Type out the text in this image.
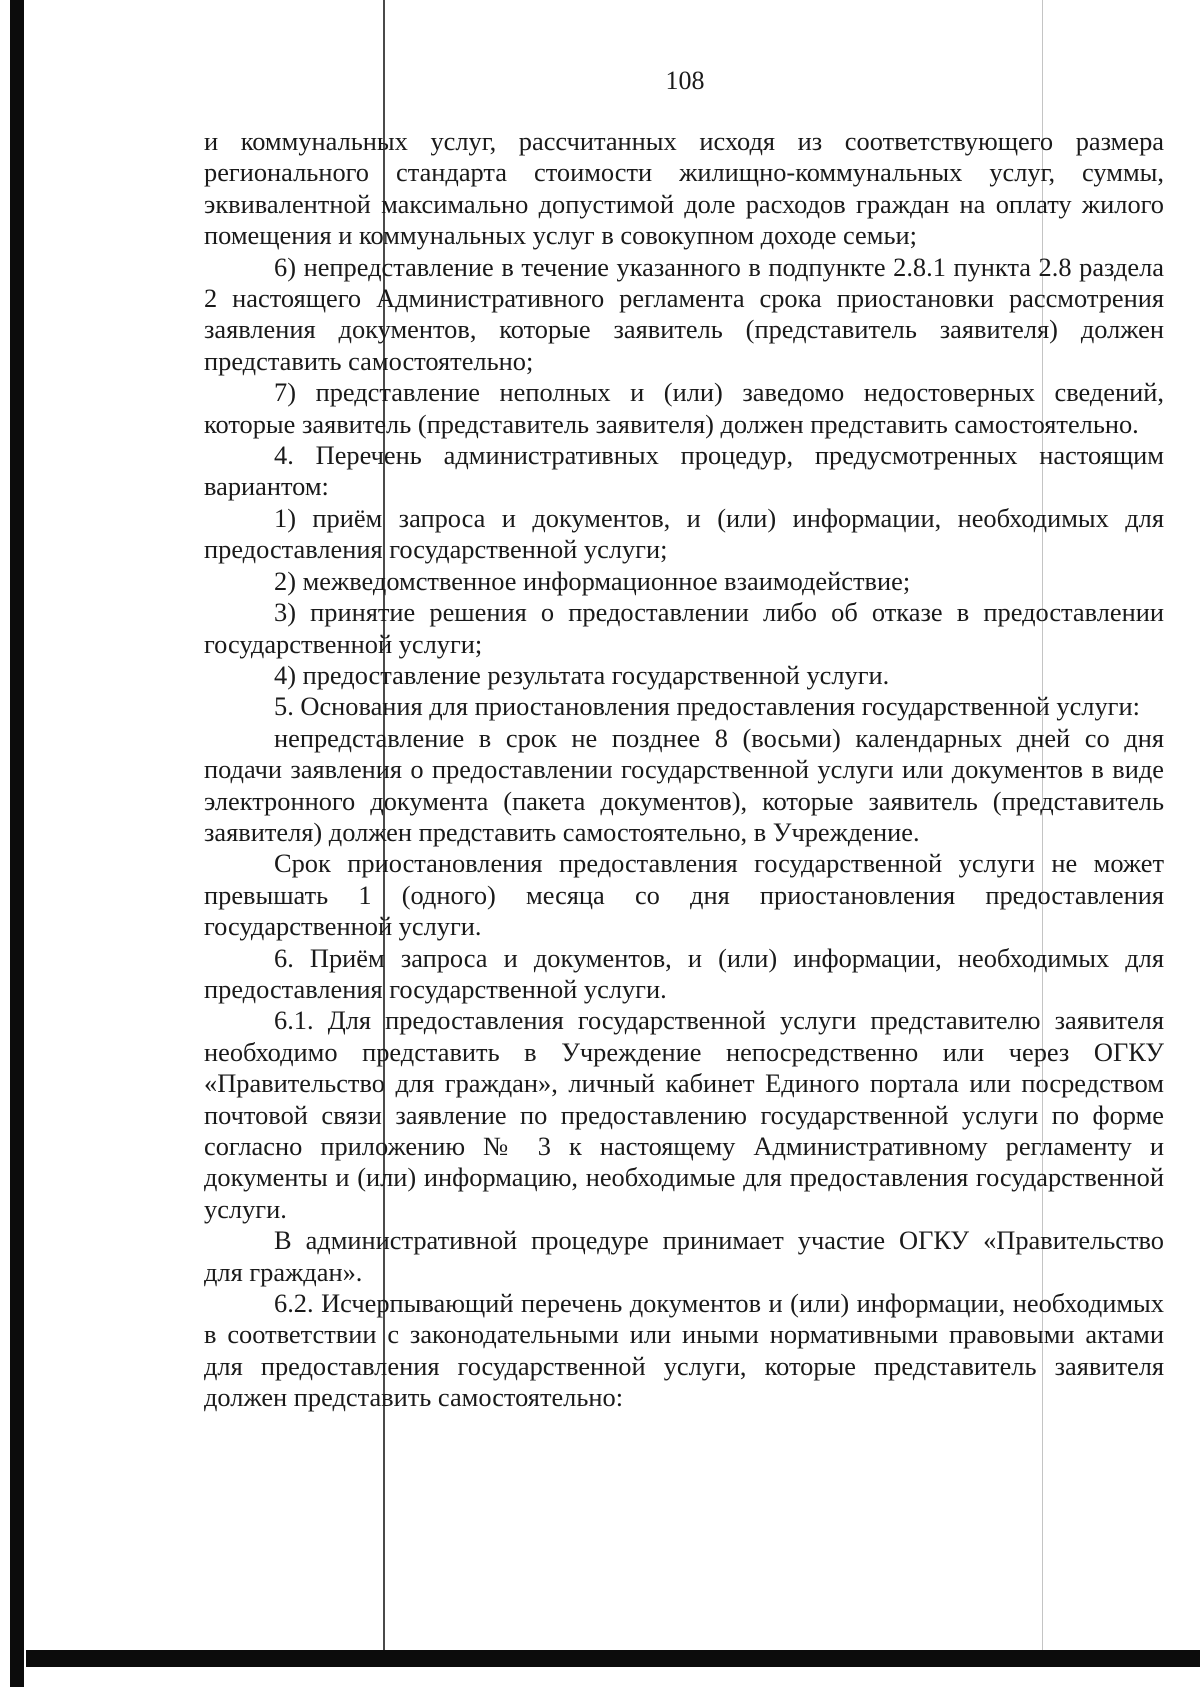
108

и коммунальных услуг, рассчитанных исходя из соответствующего размера регионального стандарта стоимости жилищно-коммунальных услуг, суммы, эквивалентной максимально допустимой доле расходов граждан на оплату жилого помещения и коммунальных услуг в совокупном доходе семьи;

6) непредставление в течение указанного в подпункте 2.8.1 пункта 2.8 раздела 2 настоящего Административного регламента срока приостановки рассмотрения заявления документов, которые заявитель (представитель заявителя) должен представить самостоятельно;

7) представление неполных и (или) заведомо недостоверных сведений, которые заявитель (представитель заявителя) должен представить самостоятельно.

4. Перечень административных процедур, предусмотренных настоящим вариантом:

1) приём запроса и документов, и (или) информации, необходимых для предоставления государственной услуги;

2) межведомственное информационное взаимодействие;

3) принятие решения о предоставлении либо об отказе в предоставлении государственной услуги;

4) предоставление результата государственной услуги.

5. Основания для приостановления предоставления государственной услуги:

непредставление в срок не позднее 8 (восьми) календарных дней со дня подачи заявления о предоставлении государственной услуги или документов в виде электронного документа (пакета документов), которые заявитель (представитель заявителя) должен представить самостоятельно, в Учреждение.

Срок приостановления предоставления государственной услуги не может превышать 1 (одного) месяца со дня приостановления предоставления государственной услуги.

6. Приём запроса и документов, и (или) информации, необходимых для предоставления государственной услуги.

6.1. Для предоставления государственной услуги представителю заявителя необходимо представить в Учреждение непосредственно или через ОГКУ «Правительство для граждан», личный кабинет Единого портала или посредством почтовой связи заявление по предоставлению государственной услуги по форме согласно приложению № 3 к настоящему Административному регламенту и документы и (или) информацию, необходимые для предоставления государственной услуги.

В административной процедуре принимает участие ОГКУ «Правительство для граждан».

6.2. Исчерпывающий перечень документов и (или) информации, необходимых в соответствии с законодательными или иными нормативными правовыми актами для предоставления государственной услуги, которые представитель заявителя должен представить самостоятельно:
